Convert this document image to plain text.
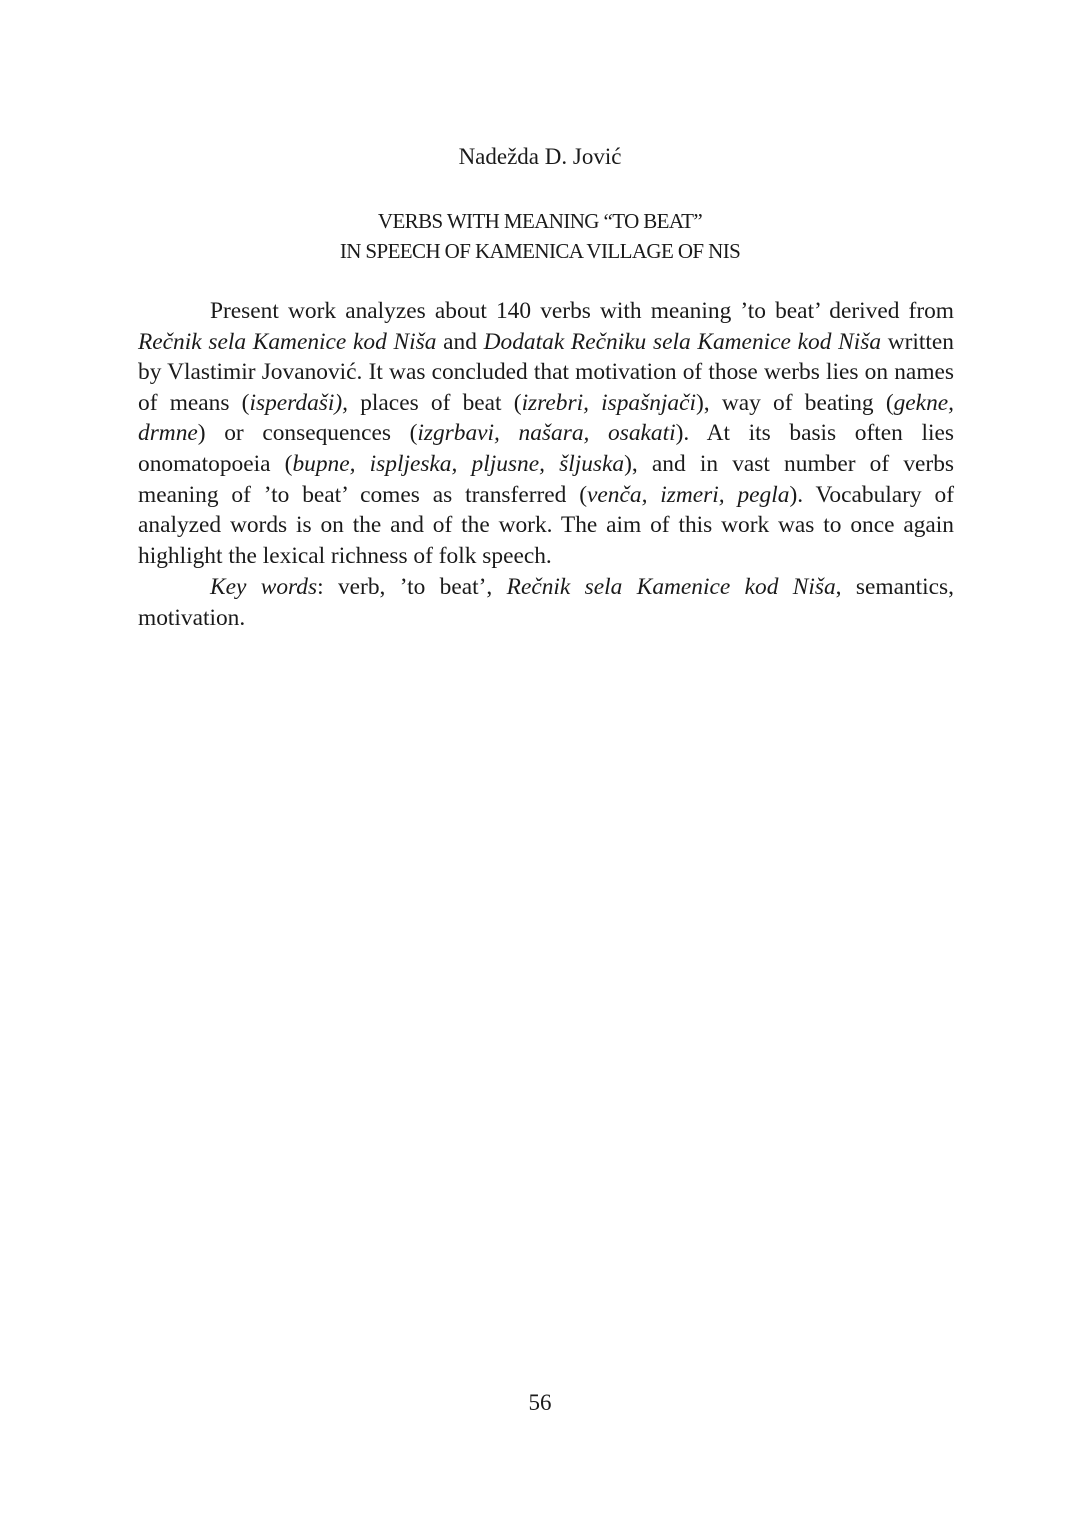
Nadežda D. Jović

VERBS WITH MEANING “TO BEAT”
IN SPEECH OF KAMENICA VILLAGE OF NIS

Present work analyzes about 140 verbs with meaning ’to beat’ derived from Rečnik sela Kamenice kod Niša and Dodatak Rečniku sela Kamenice kod Niša written by Vlastimir Jovanović. It was concluded that motivation of those werbs lies on names of means (isperdaši), places of beat (izrebri, ispašnjači), way of beating (gekne, drmne) or consequences (izgrbavi, našara, osakati). At its basis often lies onomatopoeia (bupne, ispljeska, pljusne, šljuska), and in vast number of verbs meaning of ’to beat’ comes as transferred (venča, izmeri, pegla). Vocabulary of analyzed words is on the and of the work. The aim of this work was to once again highlight the lexical richness of folk speech.

Key words: verb, ’to beat’, Rečnik sela Kamenice kod Niša, semantics, motivation.

56
